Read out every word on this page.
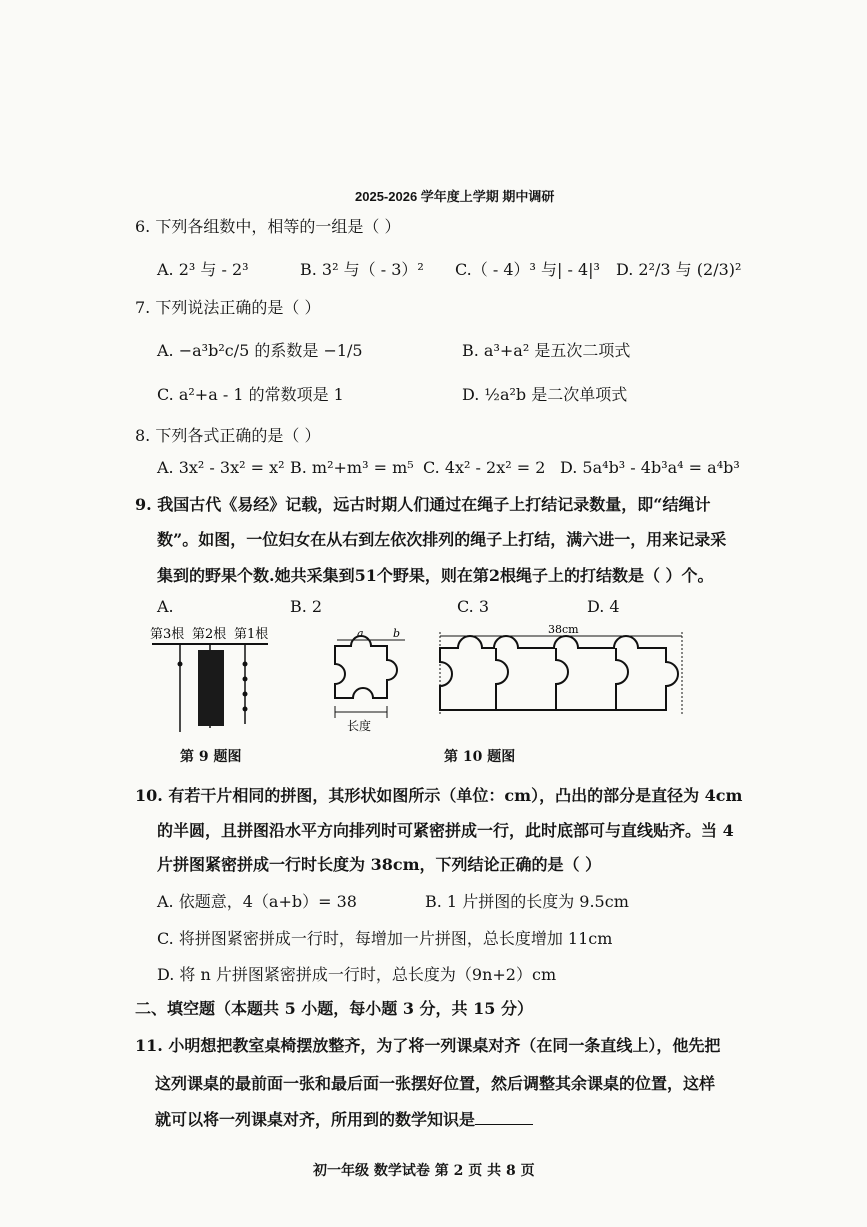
2025-2026 学年度上学期 期中调研
6. 下列各组数中，相等的一组是（ ）
A. 2³ 与 - 2³	B. 3² 与（ - 3）² C.（ - 4）³ 与| - 4|³ D. 2²/3 与 (2/3)²
7. 下列说法正确的是（ ）
A. −a³b²c/5 的系数是 −1/5	B. a³+a² 是五次二项式
C. a²+a - 1 的常数项是 1	D. ½a²b 是二次单项式
8. 下列各式正确的是（ ）
A. 3x² - 3x² = x² B. m²+m³ = m⁵ C. 4x² - 2x² = 2 D. 5a⁴b³ - 4b³a⁴ = a⁴b³
9. 我国古代《易经》记载，远古时期人们通过在绳子上打结记录数量，即“结绳计
数”。如图，一位妇女在从右到左依次排列的绳子上打结，满六进一，用来记录采
集到的野果个数.她共采集到51个野果，则在第2根绳子上的打结数是（ ）个。
A.	B. 2	C. 3	D. 4
第3根 第2根 第1根
第 9 题图
a	b
长度
38cm
第 10 题图
10. 有若干片相同的拼图，其形状如图所示（单位：cm），凸出的部分是直径为 4cm
的半圆，且拼图沿水平方向排列时可紧密拼成一行，此时底部可与直线贴齐。当 4
片拼图紧密拼成一行时长度为 38cm，下列结论正确的是（ ）
A. 依题意，4（a+b）= 38	B. 1 片拼图的长度为 9.5cm
C. 将拼图紧密拼成一行时，每增加一片拼图，总长度增加 11cm
D. 将 n 片拼图紧密拼成一行时，总长度为（9n+2）cm
二、填空题（本题共 5 小题，每小题 3 分，共 15 分）
11. 小明想把教室桌椅摆放整齐，为了将一列课桌对齐（在同一条直线上），他先把
这列课桌的最前面一张和最后面一张摆好位置，然后调整其余课桌的位置，这样
就可以将一列课桌对齐，所用到的数学知识是
初一年级 数学试卷 第 2 页 共 8 页
